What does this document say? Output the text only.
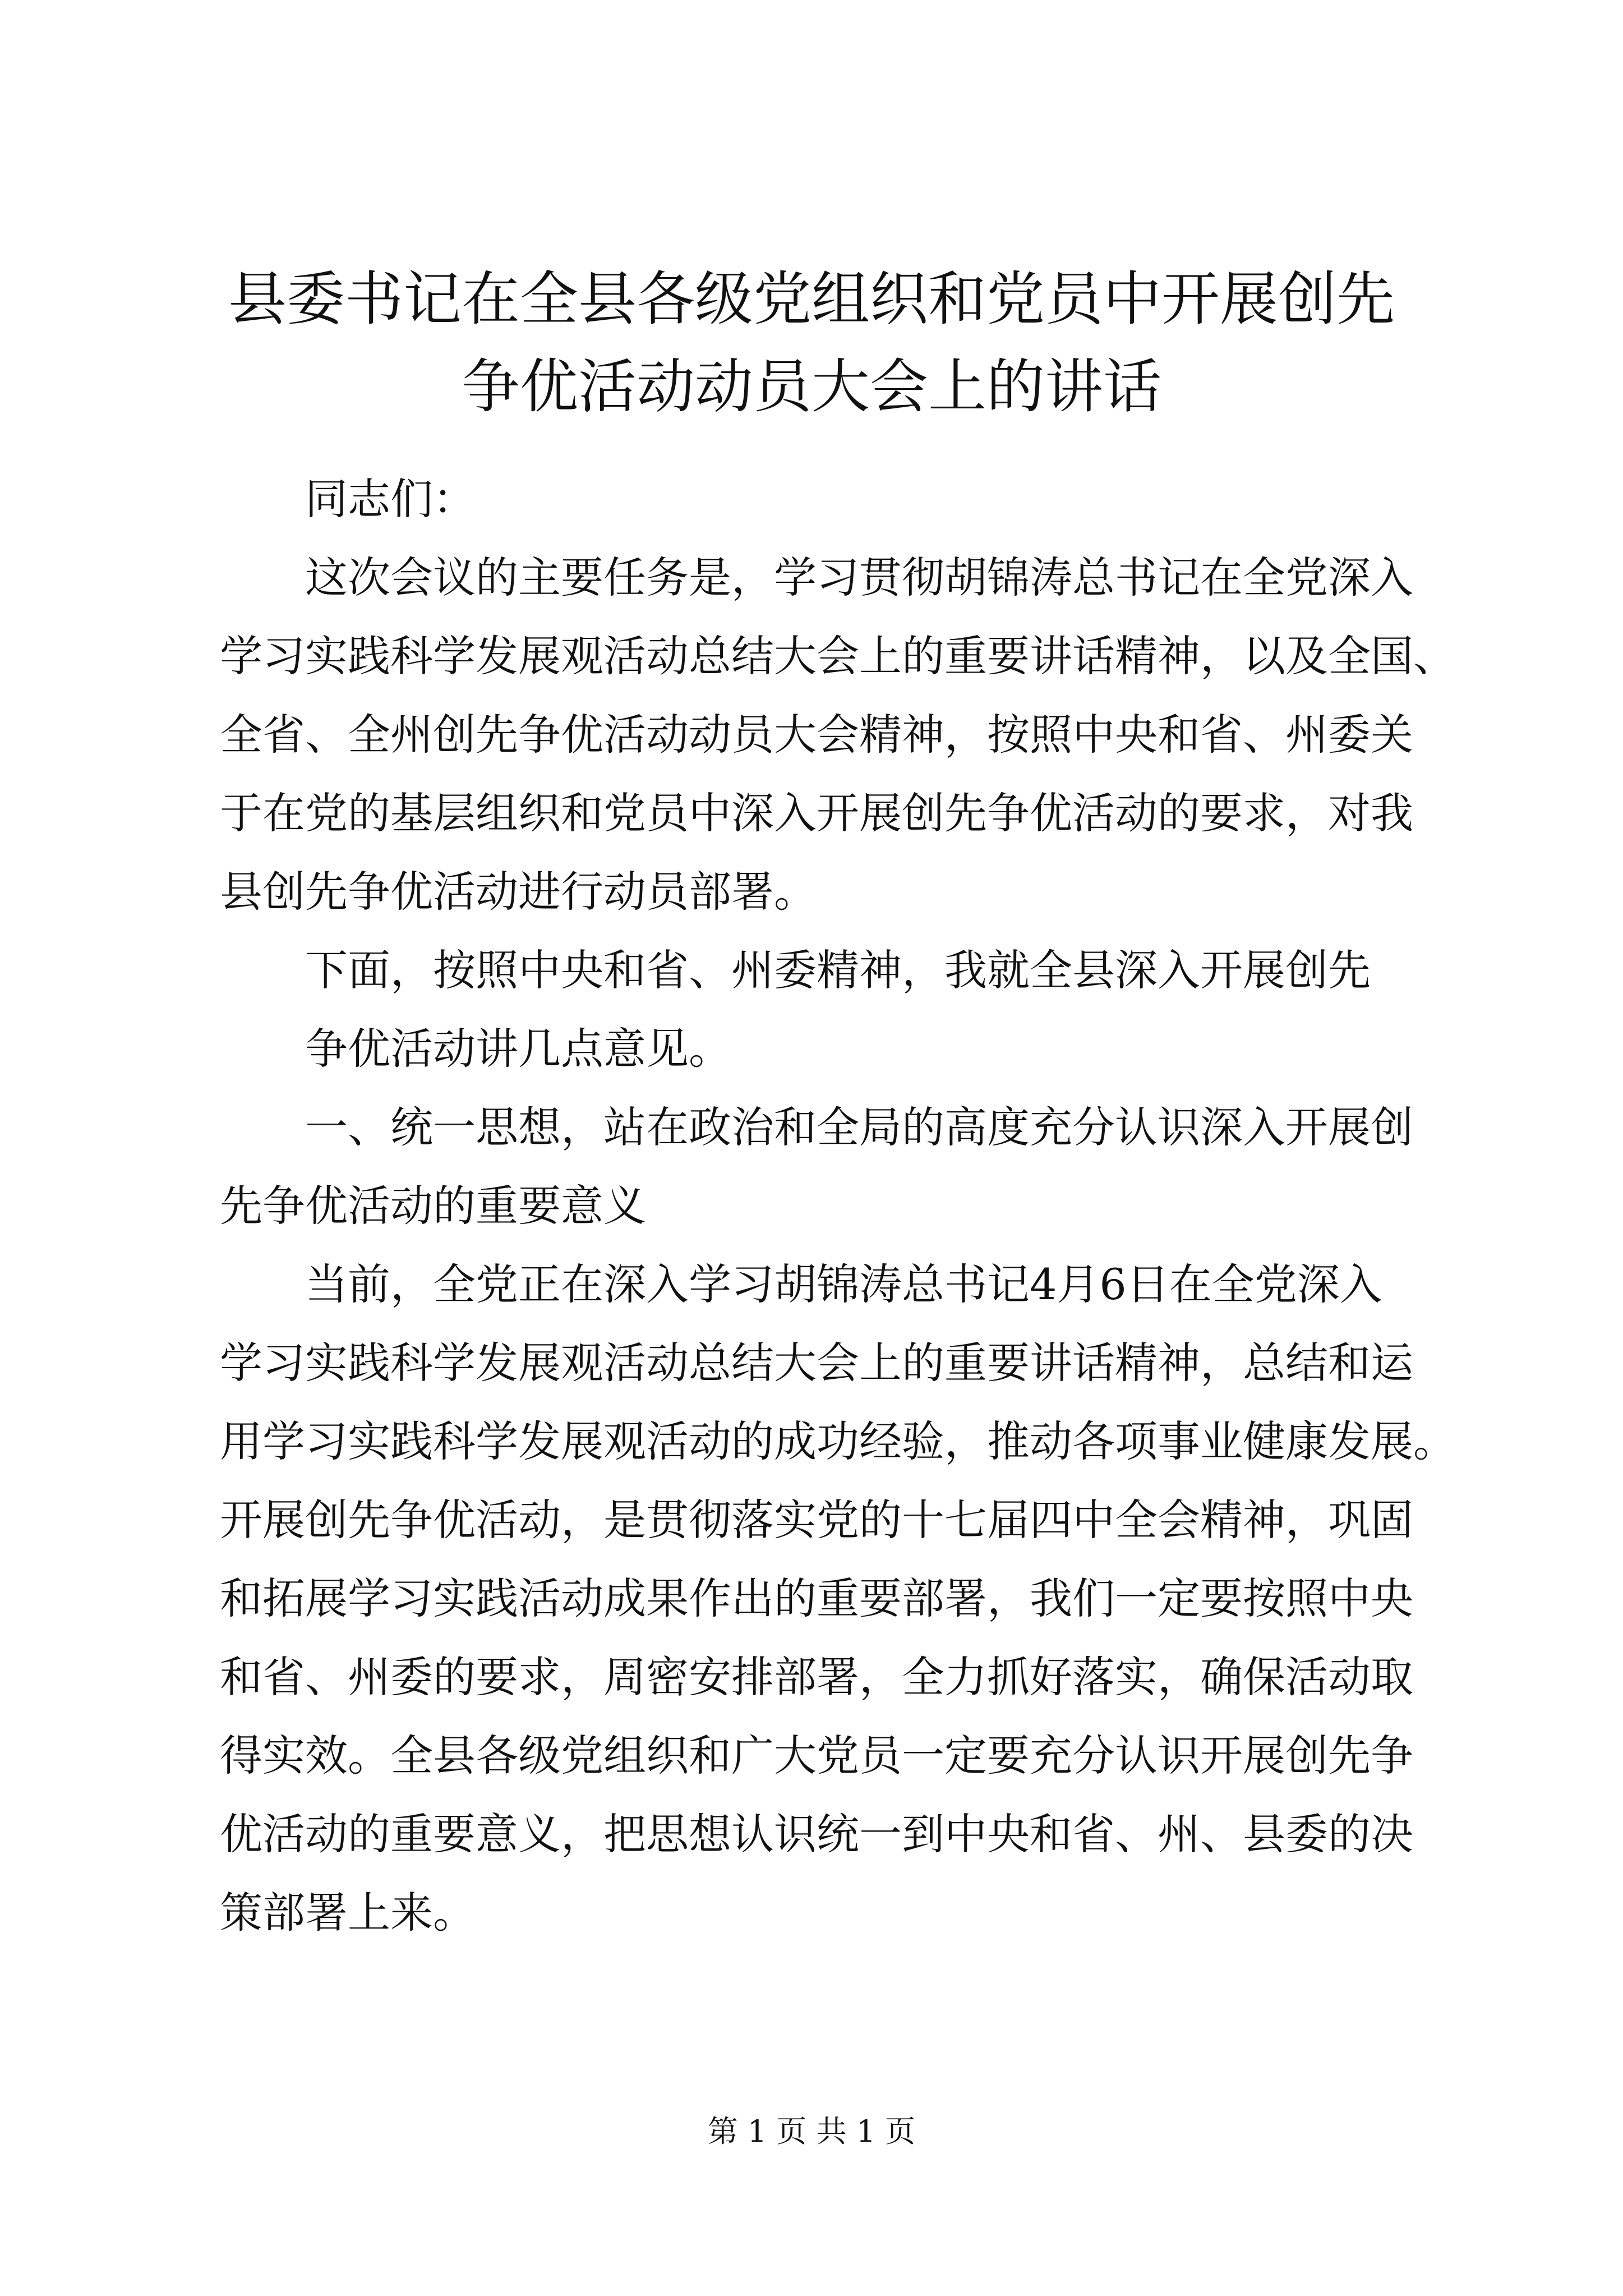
县委书记在全县各级党组织和党员中开展创先
争优活动动员大会上的讲话

同志们：

这次会议的主要任务是，学习贯彻胡锦涛总书记在全党深入
学习实践科学发展观活动总结大会上的重要讲话精神，以及全国、
全省、全州创先争优活动动员大会精神，按照中央和省、州委关
于在党的基层组织和党员中深入开展创先争优活动的要求，对我
县创先争优活动进行动员部署。

下面，按照中央和省、州委精神，我就全县深入开展创先

争优活动讲几点意见。

一、统一思想，站在政治和全局的高度充分认识深入开展创
先争优活动的重要意义

当前，全党正在深入学习胡锦涛总书记4月6日在全党深入
学习实践科学发展观活动总结大会上的重要讲话精神，总结和运
用学习实践科学发展观活动的成功经验，推动各项事业健康发展。
开展创先争优活动，是贯彻落实党的十七届四中全会精神，巩固
和拓展学习实践活动成果作出的重要部署，我们一定要按照中央
和省、州委的要求，周密安排部署，全力抓好落实，确保活动取
得实效。全县各级党组织和广大党员一定要充分认识开展创先争
优活动的重要意义，把思想认识统一到中央和省、州、县委的决
策部署上来。

第 1 页 共 1 页
